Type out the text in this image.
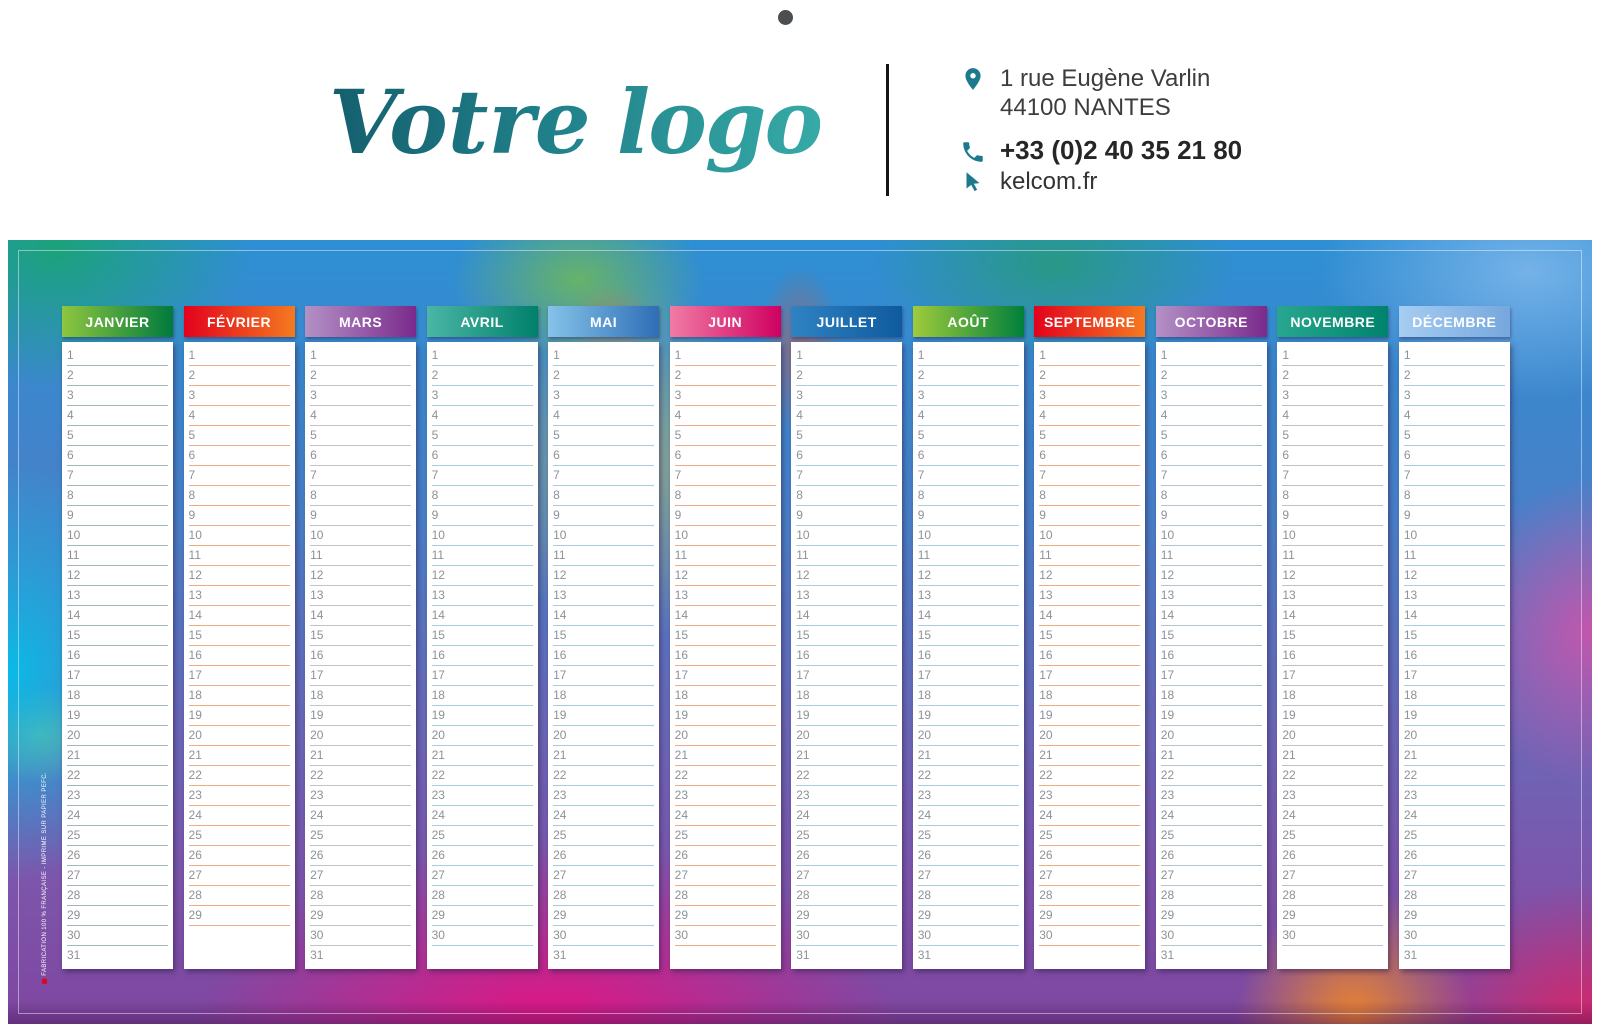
Votre logo	1 rue Eugène Varlin
44100 NANTES
+33 (0)2 40 35 21 80
kelcom.fr
FABRICATION 100 % FRANÇAISE - IMPRIMÉ SUR PAPIER PEFC.
JANVIER
1
2
3
4
5
6
7
8
9
10
11
12
13
14
15
16
17
18
19
20
21
22
23
24
25
26
27
28
29
30
31
FÉVRIER
1
2
3
4
5
6
7
8
9
10
11
12
13
14
15
16
17
18
19
20
21
22
23
24
25
26
27
28
29
MARS
1
2
3
4
5
6
7
8
9
10
11
12
13
14
15
16
17
18
19
20
21
22
23
24
25
26
27
28
29
30
31
AVRIL
1
2
3
4
5
6
7
8
9
10
11
12
13
14
15
16
17
18
19
20
21
22
23
24
25
26
27
28
29
30
MAI
1
2
3
4
5
6
7
8
9
10
11
12
13
14
15
16
17
18
19
20
21
22
23
24
25
26
27
28
29
30
31
JUIN
1
2
3
4
5
6
7
8
9
10
11
12
13
14
15
16
17
18
19
20
21
22
23
24
25
26
27
28
29
30
JUILLET
1
2
3
4
5
6
7
8
9
10
11
12
13
14
15
16
17
18
19
20
21
22
23
24
25
26
27
28
29
30
31
AOÛT
1
2
3
4
5
6
7
8
9
10
11
12
13
14
15
16
17
18
19
20
21
22
23
24
25
26
27
28
29
30
31
SEPTEMBRE
1
2
3
4
5
6
7
8
9
10
11
12
13
14
15
16
17
18
19
20
21
22
23
24
25
26
27
28
29
30
OCTOBRE
1
2
3
4
5
6
7
8
9
10
11
12
13
14
15
16
17
18
19
20
21
22
23
24
25
26
27
28
29
30
31
NOVEMBRE
1
2
3
4
5
6
7
8
9
10
11
12
13
14
15
16
17
18
19
20
21
22
23
24
25
26
27
28
29
30
DÉCEMBRE
1
2
3
4
5
6
7
8
9
10
11
12
13
14
15
16
17
18
19
20
21
22
23
24
25
26
27
28
29
30
31
